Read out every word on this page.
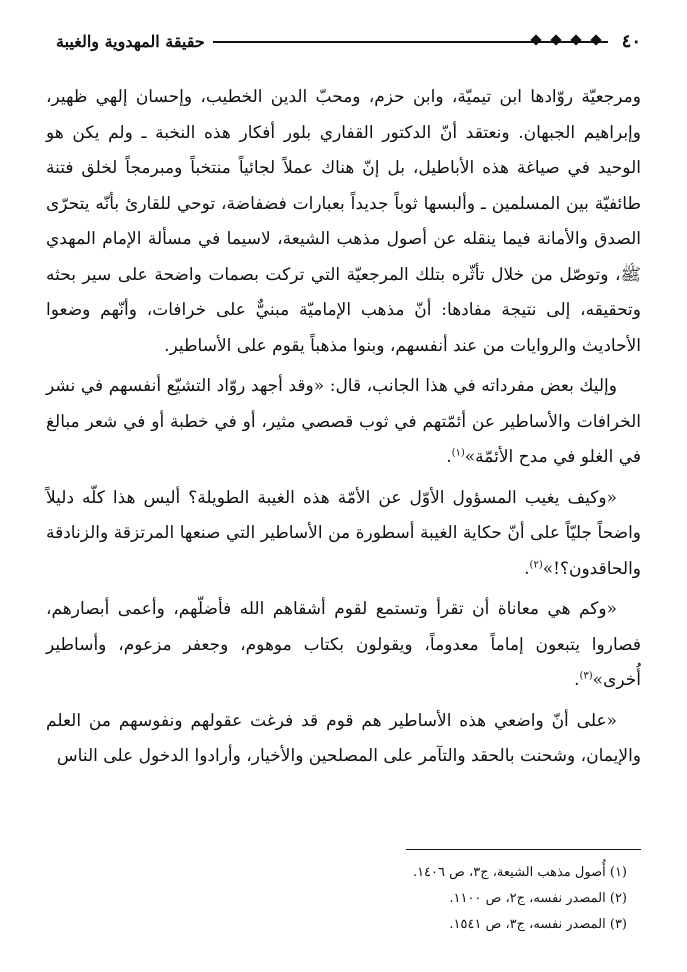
٤٠
حقيقة المهدوية والغيبة

ومرجعيّة روّادها ابن تيميّة، وابن حزم، ومحبّ الدين الخطيب، وإحسان إلهي ظهير، وإبراهيم الجبهان. ونعتقد أنّ الدكتور القفاري بلور أفكار هذه النخبة ـ ولم يكن هو الوحيد في صياغة هذه الأباطيل، بل إنّ هناك عملاً لجائياً منتخباً ومبرمجاً لخلق فتنة طائفيّة بين المسلمين ـ وألبسها ثوباً جديداً بعبارات فضفاضة، توحي للقارئ بأنّه يتحرّى الصدق والأمانة فيما ينقله عن أصول مذهب الشيعة، لاسيما في مسألة الإمام المهدي ﷺ، وتوصّل من خلال تأثّره بتلك المرجعيّة التي تركت بصمات واضحة على سير بحثه وتحقيقه، إلى نتيجة مفادها: أنّ مذهب الإماميّة مبنيٌّ على خرافات، وأنّهم وضعوا الأحاديث والروايات من عند أنفسهم، وبنوا مذهباً يقوم على الأساطير.

وإليك بعض مفرداته في هذا الجانب، قال: «وقد أجهد روّاد التشيّع أنفسهم في نشر الخرافات والأساطير عن أئمّتهم في ثوب قصصي مثير، أو في خطبة أو في شعر مبالغ في الغلو في مدح الأئمّة»$^{(١)}$.

«وكيف يغيب المسؤول الأوّل عن الأمّة هذه الغيبة الطويلة؟ أليس هذا كلّه دليلاً واضحاً جليّاً على أنّ حكاية الغيبة أسطورة من الأساطير التي صنعها المرتزقة والزنادقة والحاقدون؟!»$^{(٢)}$.

«وكم هي معاناة أن تقرأ وتستمع لقوم أشقاهم الله فأضلّهم، وأعمى أبصارهم، فصاروا يتبعون إماماً معدوماً، ويقولون بكتاب موهوم، وجعفر مزعوم، وأساطير أُخرى»$^{(٣)}$.

«على أنّ واضعي هذه الأساطير هم قوم قد فرغت عقولهم ونفوسهم من العلم والإيمان، وشحنت بالحقد والتآمر على المصلحين والأخيار، وأرادوا الدخول على الناس

(١) أُصول مذهب الشيعة، ج٣، ص ١٤٠٦.
(٢) المصدر نفسه، ج٢، ص ١١٠٠.
(٣) المصدر نفسه، ج٣، ص ١٥٤١.
